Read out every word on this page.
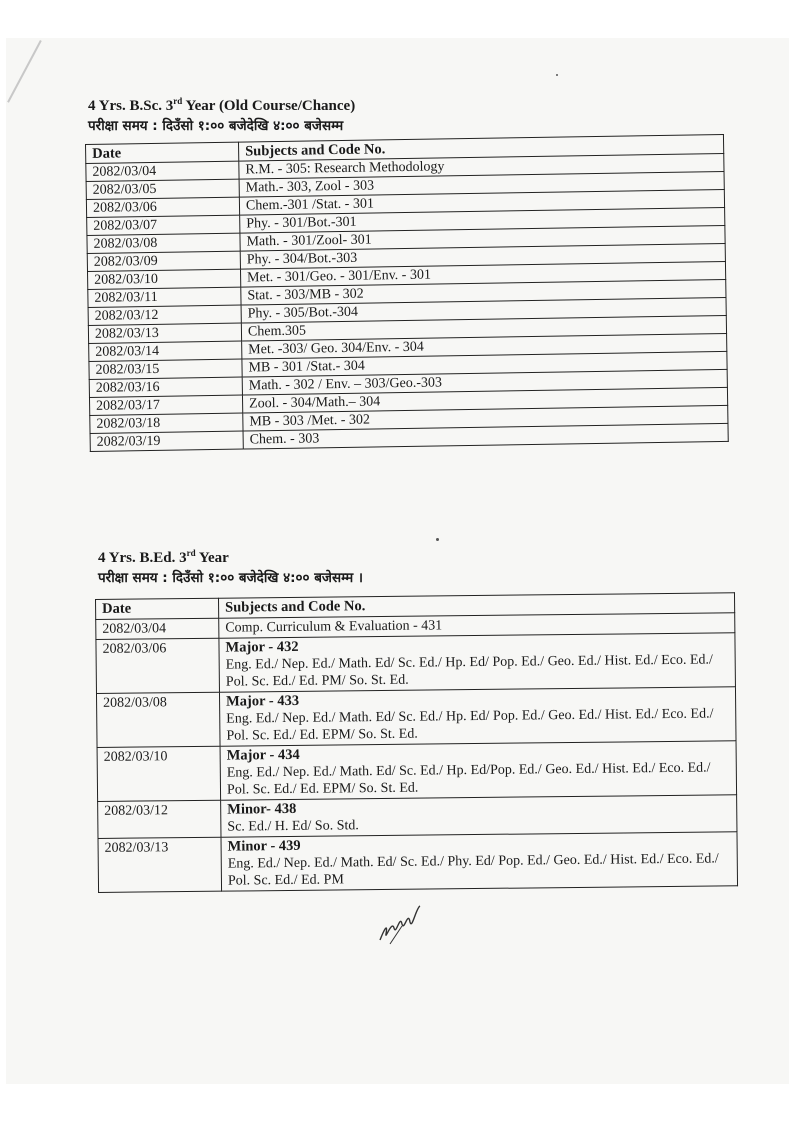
4 Yrs. B.Sc. 3rd Year (Old Course/Chance)
परीक्षा समय : दिउँसो १:०० बजेदेखि ४:०० बजेसम्म
Date	Subjects and Code No.
2082/03/04	R.M. - 305: Research Methodology
2082/03/05	Math.- 303, Zool - 303
2082/03/06	Chem.-301 /Stat. - 301
2082/03/07	Phy. - 301/Bot.-301
2082/03/08	Math. - 301/Zool- 301
2082/03/09	Phy. - 304/Bot.-303
2082/03/10	Met. - 301/Geo. - 301/Env. - 301
2082/03/11	Stat. - 303/MB - 302
2082/03/12	Phy. - 305/Bot.-304
2082/03/13	Chem.305
2082/03/14	Met. -303/ Geo. 304/Env. - 304
2082/03/15	MB - 301 /Stat.- 304
2082/03/16	Math. - 302 / Env. – 303/Geo.-303
2082/03/17	Zool. - 304/Math.– 304
2082/03/18	MB - 303 /Met. - 302
2082/03/19	Chem. - 303
4 Yrs. B.Ed. 3rd Year
परीक्षा समय : दिउँसो १:०० बजेदेखि ४:०० बजेसम्म ।
Date	Subjects and Code No.
2082/03/04	Comp. Curriculum & Evaluation - 431

2082/03/06	Major - 432
Eng. Ed./ Nep. Ed./ Math. Ed/ Sc. Ed./ Hp. Ed/ Pop. Ed./ Geo. Ed./ Hist. Ed./ Eco. Ed./ Pol. Sc. Ed./ Ed. PM/ So. St. Ed.

2082/03/08	Major - 433
Eng. Ed./ Nep. Ed./ Math. Ed/ Sc. Ed./ Hp. Ed/ Pop. Ed./ Geo. Ed./ Hist. Ed./ Eco. Ed./ Pol. Sc. Ed./ Ed. EPM/ So. St. Ed.

2082/03/10	Major - 434
Eng. Ed./ Nep. Ed./ Math. Ed/ Sc. Ed./ Hp. Ed/Pop. Ed./ Geo. Ed./ Hist. Ed./ Eco. Ed./ Pol. Sc. Ed./ Ed. EPM/ So. St. Ed.

2082/03/12	Minor- 438
Sc. Ed./ H. Ed/ So. Std.

2082/03/13	Minor - 439
Eng. Ed./ Nep. Ed./ Math. Ed/ Sc. Ed./ Phy. Ed/ Pop. Ed./ Geo. Ed./ Hist. Ed./ Eco. Ed./ Pol. Sc. Ed./ Ed. PM
